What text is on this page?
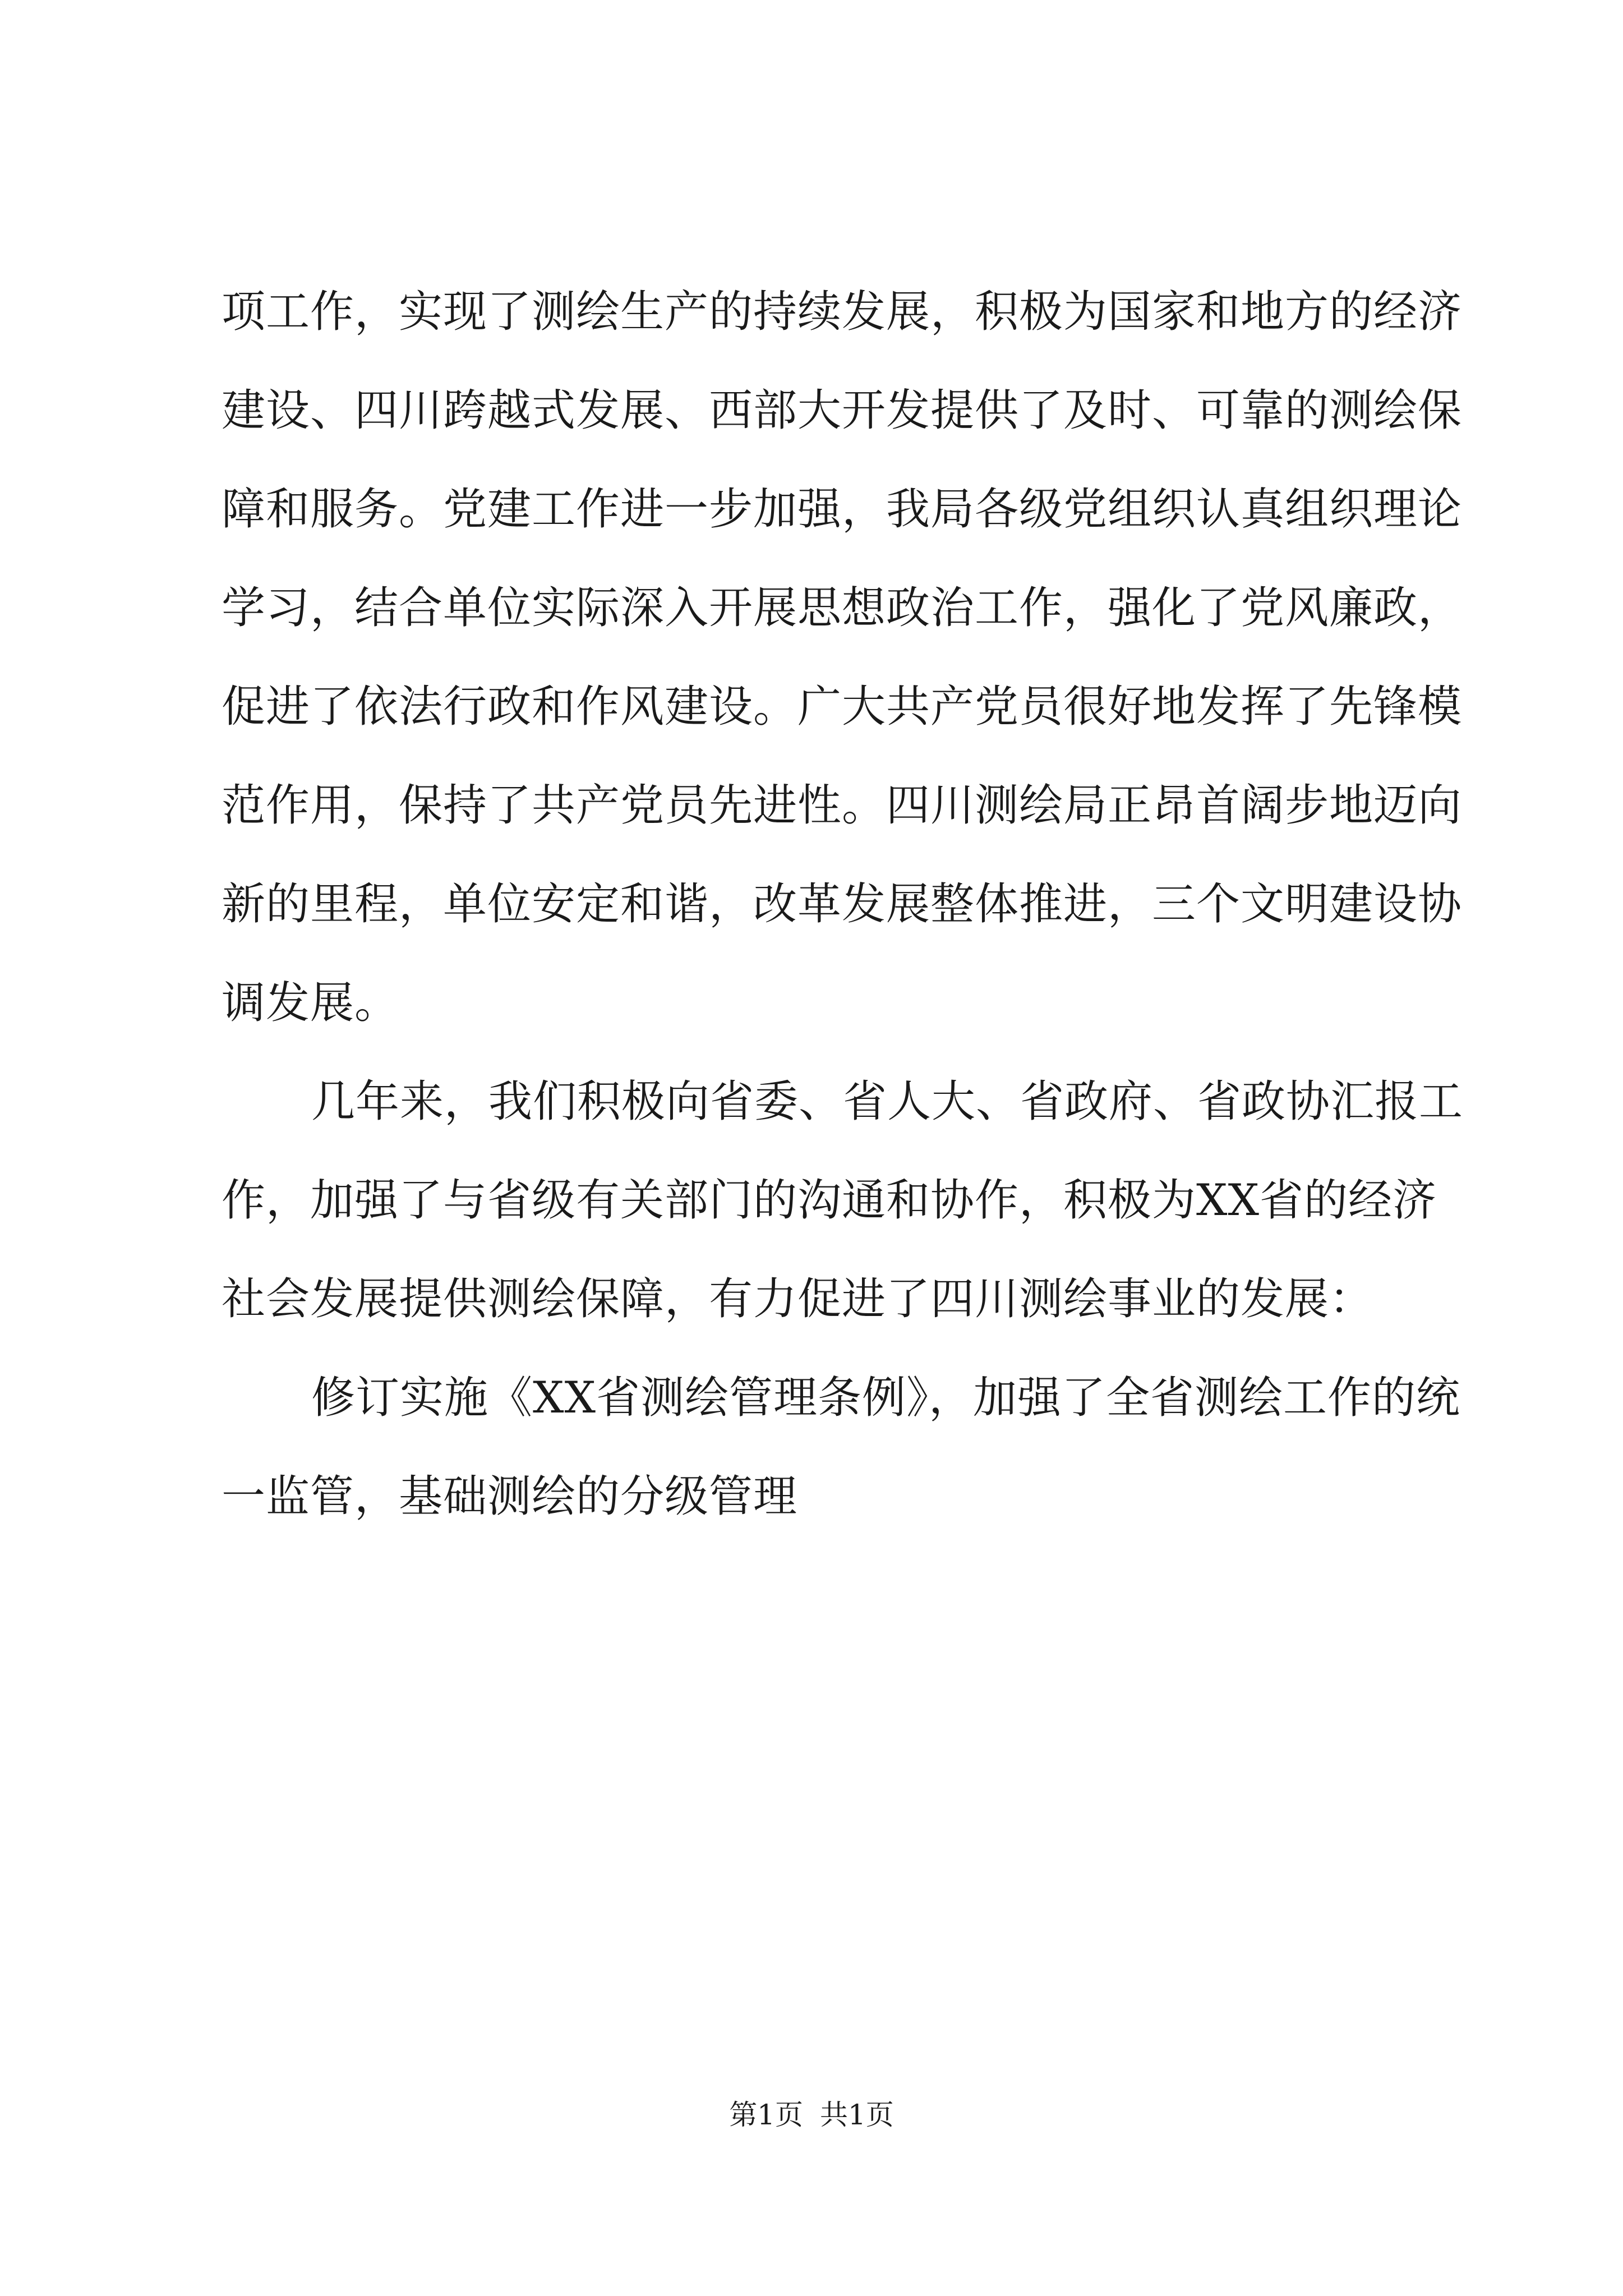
项工作，实现了测绘生产的持续发展，积极为国家和地方的经济
建设、四川跨越式发展、西部大开发提供了及时、可靠的测绘保
障和服务。党建工作进一步加强，我局各级党组织认真组织理论
学习，结合单位实际深入开展思想政治工作，强化了党风廉政，
促进了依法行政和作风建设。广大共产党员很好地发挥了先锋模
范作用，保持了共产党员先进性。四川测绘局正昂首阔步地迈向
新的里程，单位安定和谐，改革发展整体推进，三个文明建设协
调发展。
几年来，我们积极向省委、省人大、省政府、省政协汇报工
作，加强了与省级有关部门的沟通和协作，积极为XX省的经济
社会发展提供测绘保障，有力促进了四川测绘事业的发展：
修订实施《XX省测绘管理条例》，加强了全省测绘工作的统
一监管，基础测绘的分级管理
第1页 共1页
